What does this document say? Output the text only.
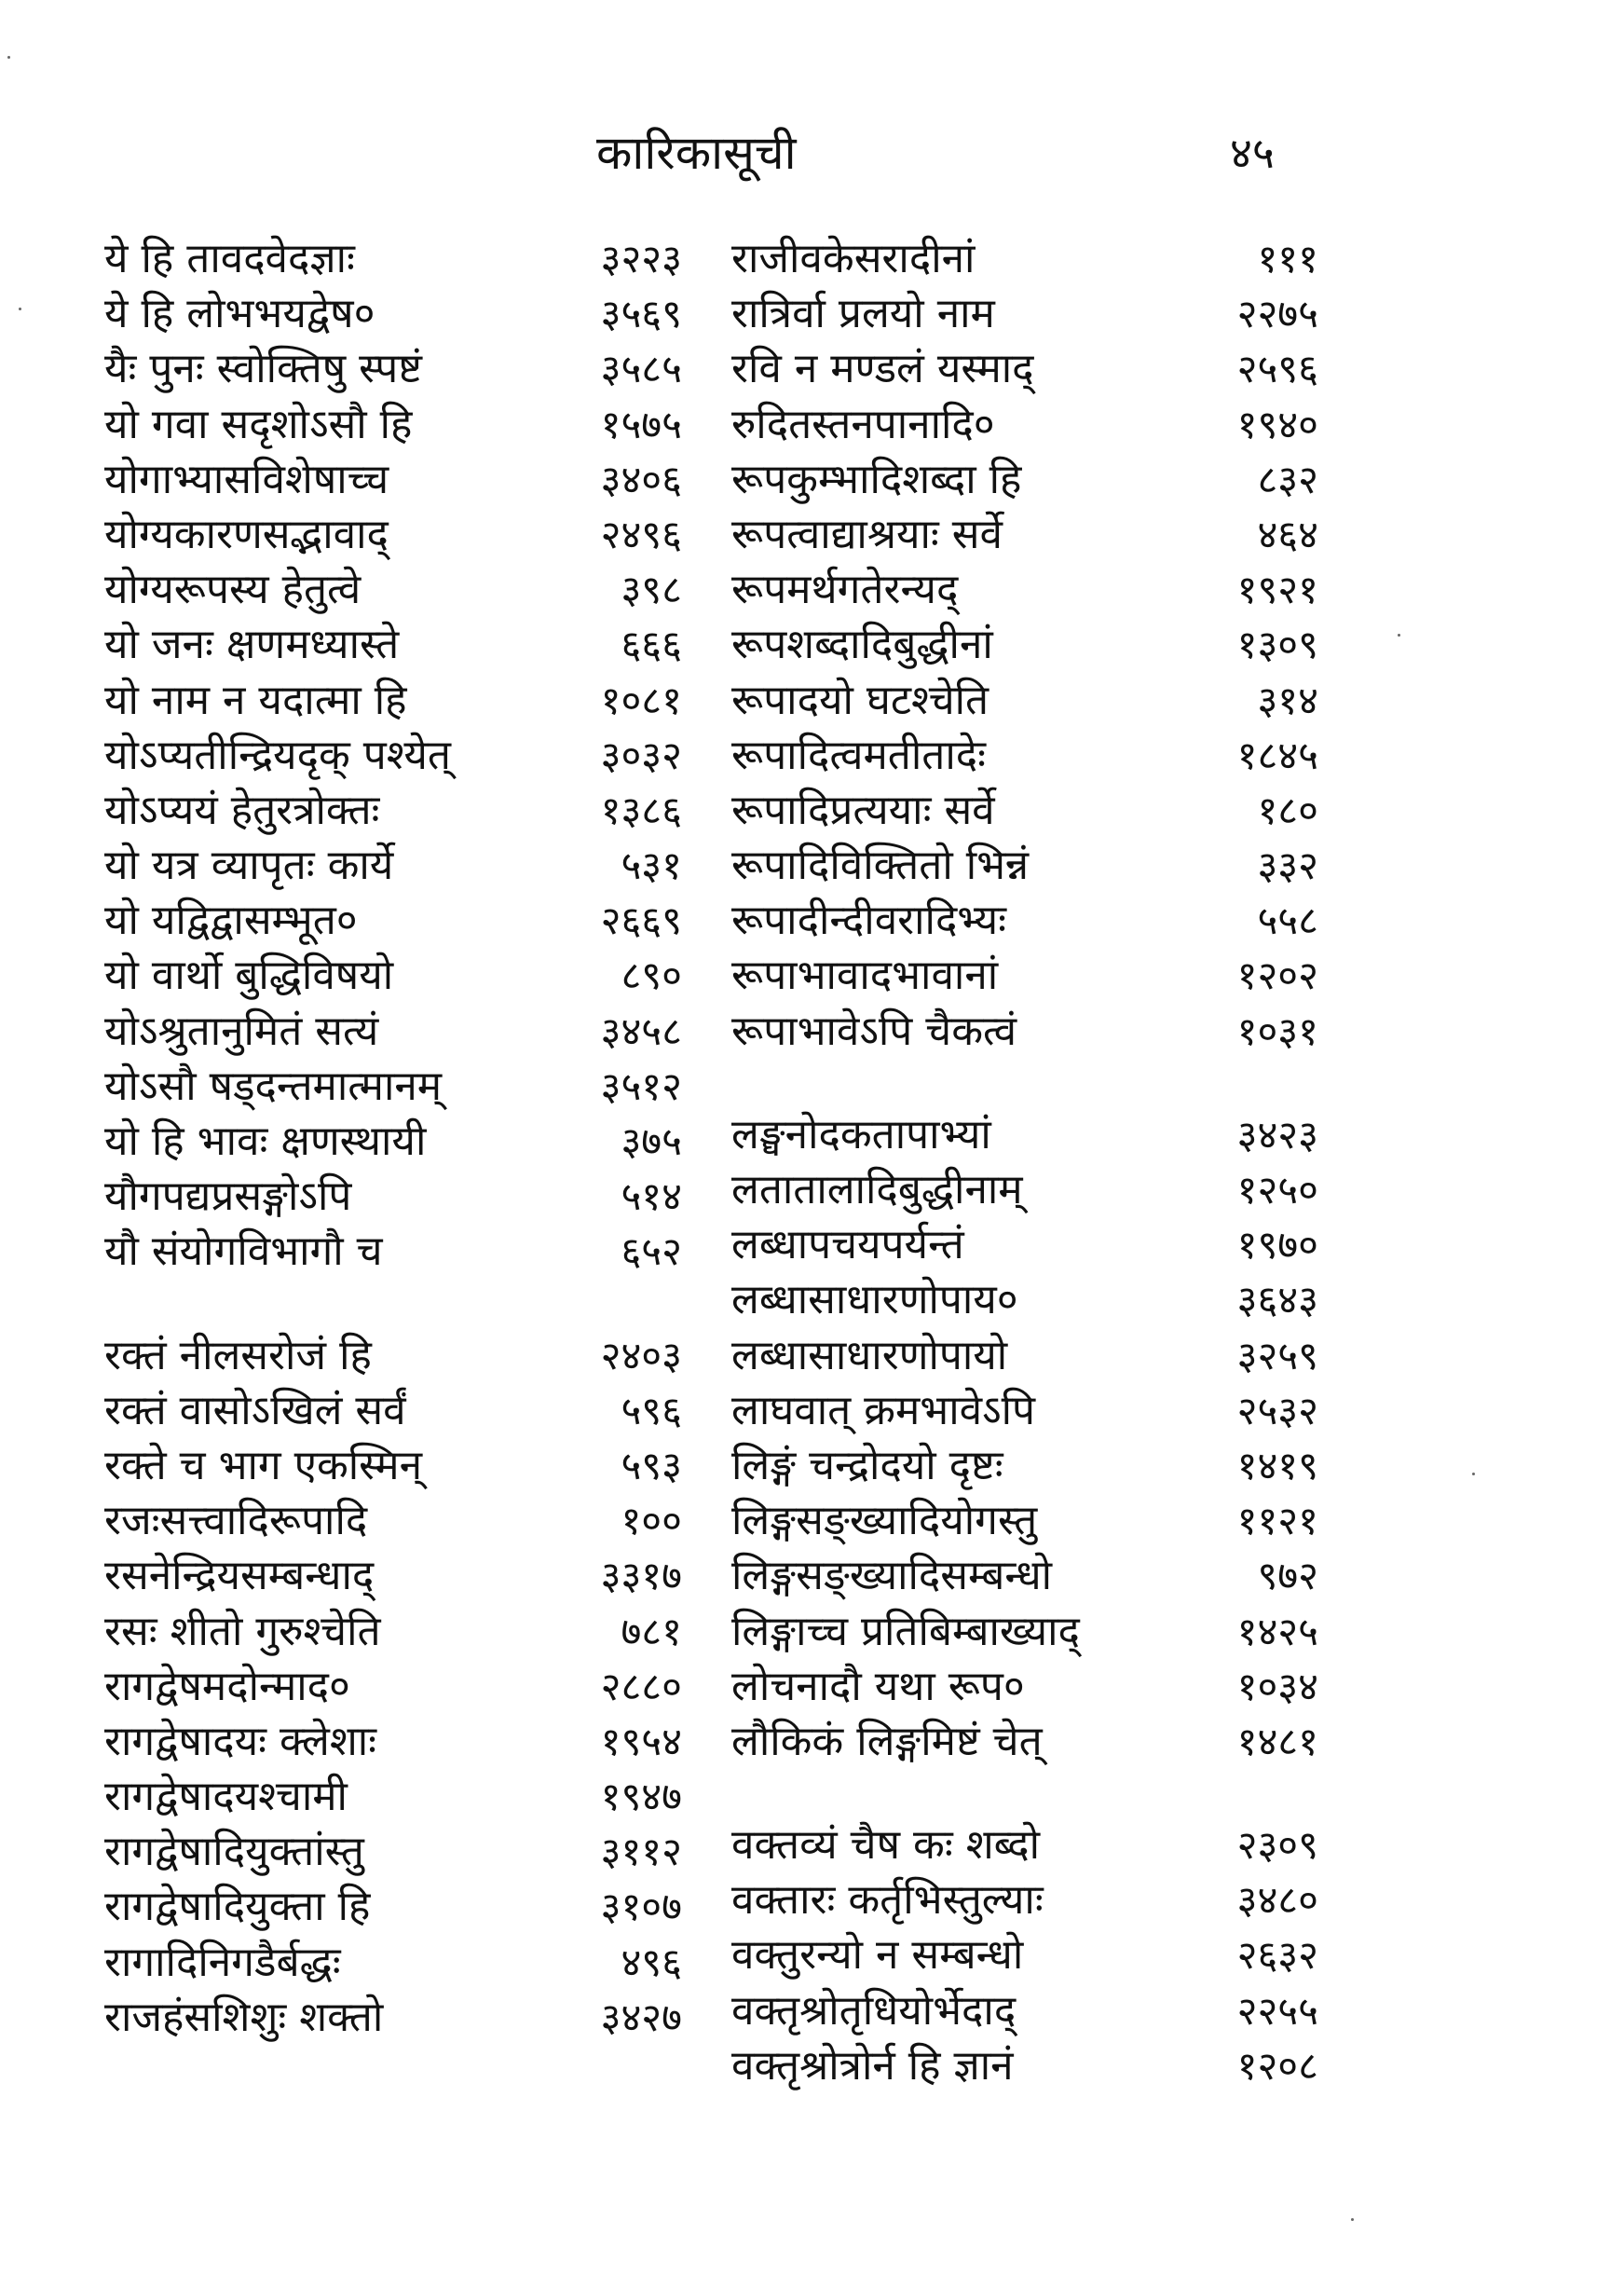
कारिकासूची	४५
ये हि तावदवेदज्ञाः	३२२३
ये हि लोभभयद्वेष०	३५६९
यैः पुनः स्वोक्तिषु स्पष्टं	३५८५
यो गवा सदृशोऽसौ हि	१५७५
योगाभ्यासविशेषाच्च	३४०६
योग्यकारणसद्भावाद्	२४९६
योग्यरूपस्य हेतुत्वे	३९८
यो जनः क्षणमध्यास्ते	६६६
यो नाम न यदात्मा हि	१०८१
योऽप्यतीन्द्रियदृक् पश्येत्	३०३२
योऽप्ययं हेतुरत्रोक्तः	१३८६
यो यत्र व्यापृतः कार्ये	५३१
यो यद्विद्वासम्भूत०	२६६९
यो वार्थो बुद्धिविषयो	८९०
योऽश्रुतानुमितं सत्यं	३४५८
योऽसौ षड्दन्तमात्मानम्	३५१२
यो हि भावः क्षणस्थायी	३७५
यौगपद्यप्रसङ्गोऽपि	५१४
यौ संयोगविभागौ च	६५२
रक्तं नीलसरोजं हि	२४०३
रक्तं वासोऽखिलं सर्वं	५९६
रक्ते च भाग एकस्मिन्	५९३
रजःसत्त्वादिरूपादि	१००
रसनेन्द्रियसम्बन्धाद्	३३१७
रसः शीतो गुरुश्चेति	७८१
रागद्वेषमदोन्माद०	२८८०
रागद्वेषादयः क्लेशाः	१९५४
रागद्वेषादयश्चामी	१९४७
रागद्वेषादियुक्तांस्तु	३११२
रागद्वेषादियुक्ता हि	३१०७
रागादिनिगडैर्बद्धः	४९६
राजहंसशिशुः शक्तो	३४२७
राजीवकेसरादीनां	१११
रात्रिर्वा प्रलयो नाम	२२७५
रवि न मण्डलं यस्माद्	२५९६
रुदितस्तनपानादि०	१९४०
रूपकुम्भादिशब्दा हि	८३२
रूपत्वाद्याश्रयाः सर्वे	४६४
रूपमर्थगतेरन्यद्	१९२१
रूपशब्दादिबुद्धीनां	१३०९
रूपादयो घटश्चेति	३१४
रूपादित्वमतीतादेः	१८४५
रूपादिप्रत्ययाः सर्वे	१८०
रूपादिविक्तितो भिन्नं	३३२
रूपादीन्दीवरादिभ्यः	५५८
रूपाभावादभावानां	१२०२
रूपाभावेऽपि चैकत्वं	१०३१
लङ्घनोदकतापाभ्यां	३४२३
लतातालादिबुद्धीनाम्	१२५०
लब्धापचयपर्यन्तं	१९७०
लब्धासाधारणोपाय०	३६४३
लब्धासाधारणोपायो	३२५९
लाघवात् क्रमभावेऽपि	२५३२
लिङ्गं चन्द्रोदयो दृष्टः	१४१९
लिङ्गसङ्ख्यादियोगस्तु	११२१
लिङ्गसङ्ख्यादिसम्बन्धो	९७२
लिङ्गाच्च प्रतिबिम्बाख्याद्	१४२५
लोचनादौ यथा रूप०	१०३४
लौकिकं लिङ्गमिष्टं चेत्	१४८१
वक्तव्यं चैष कः शब्दो	२३०९
वक्तारः कर्तृभिस्तुल्याः	३४८०
वक्तुरन्यो न सम्बन्धो	२६३२
वक्तृश्रोतृधियोर्भेदाद्	२२५५
वक्तृश्रोत्रोर्न हि ज्ञानं	१२०८
